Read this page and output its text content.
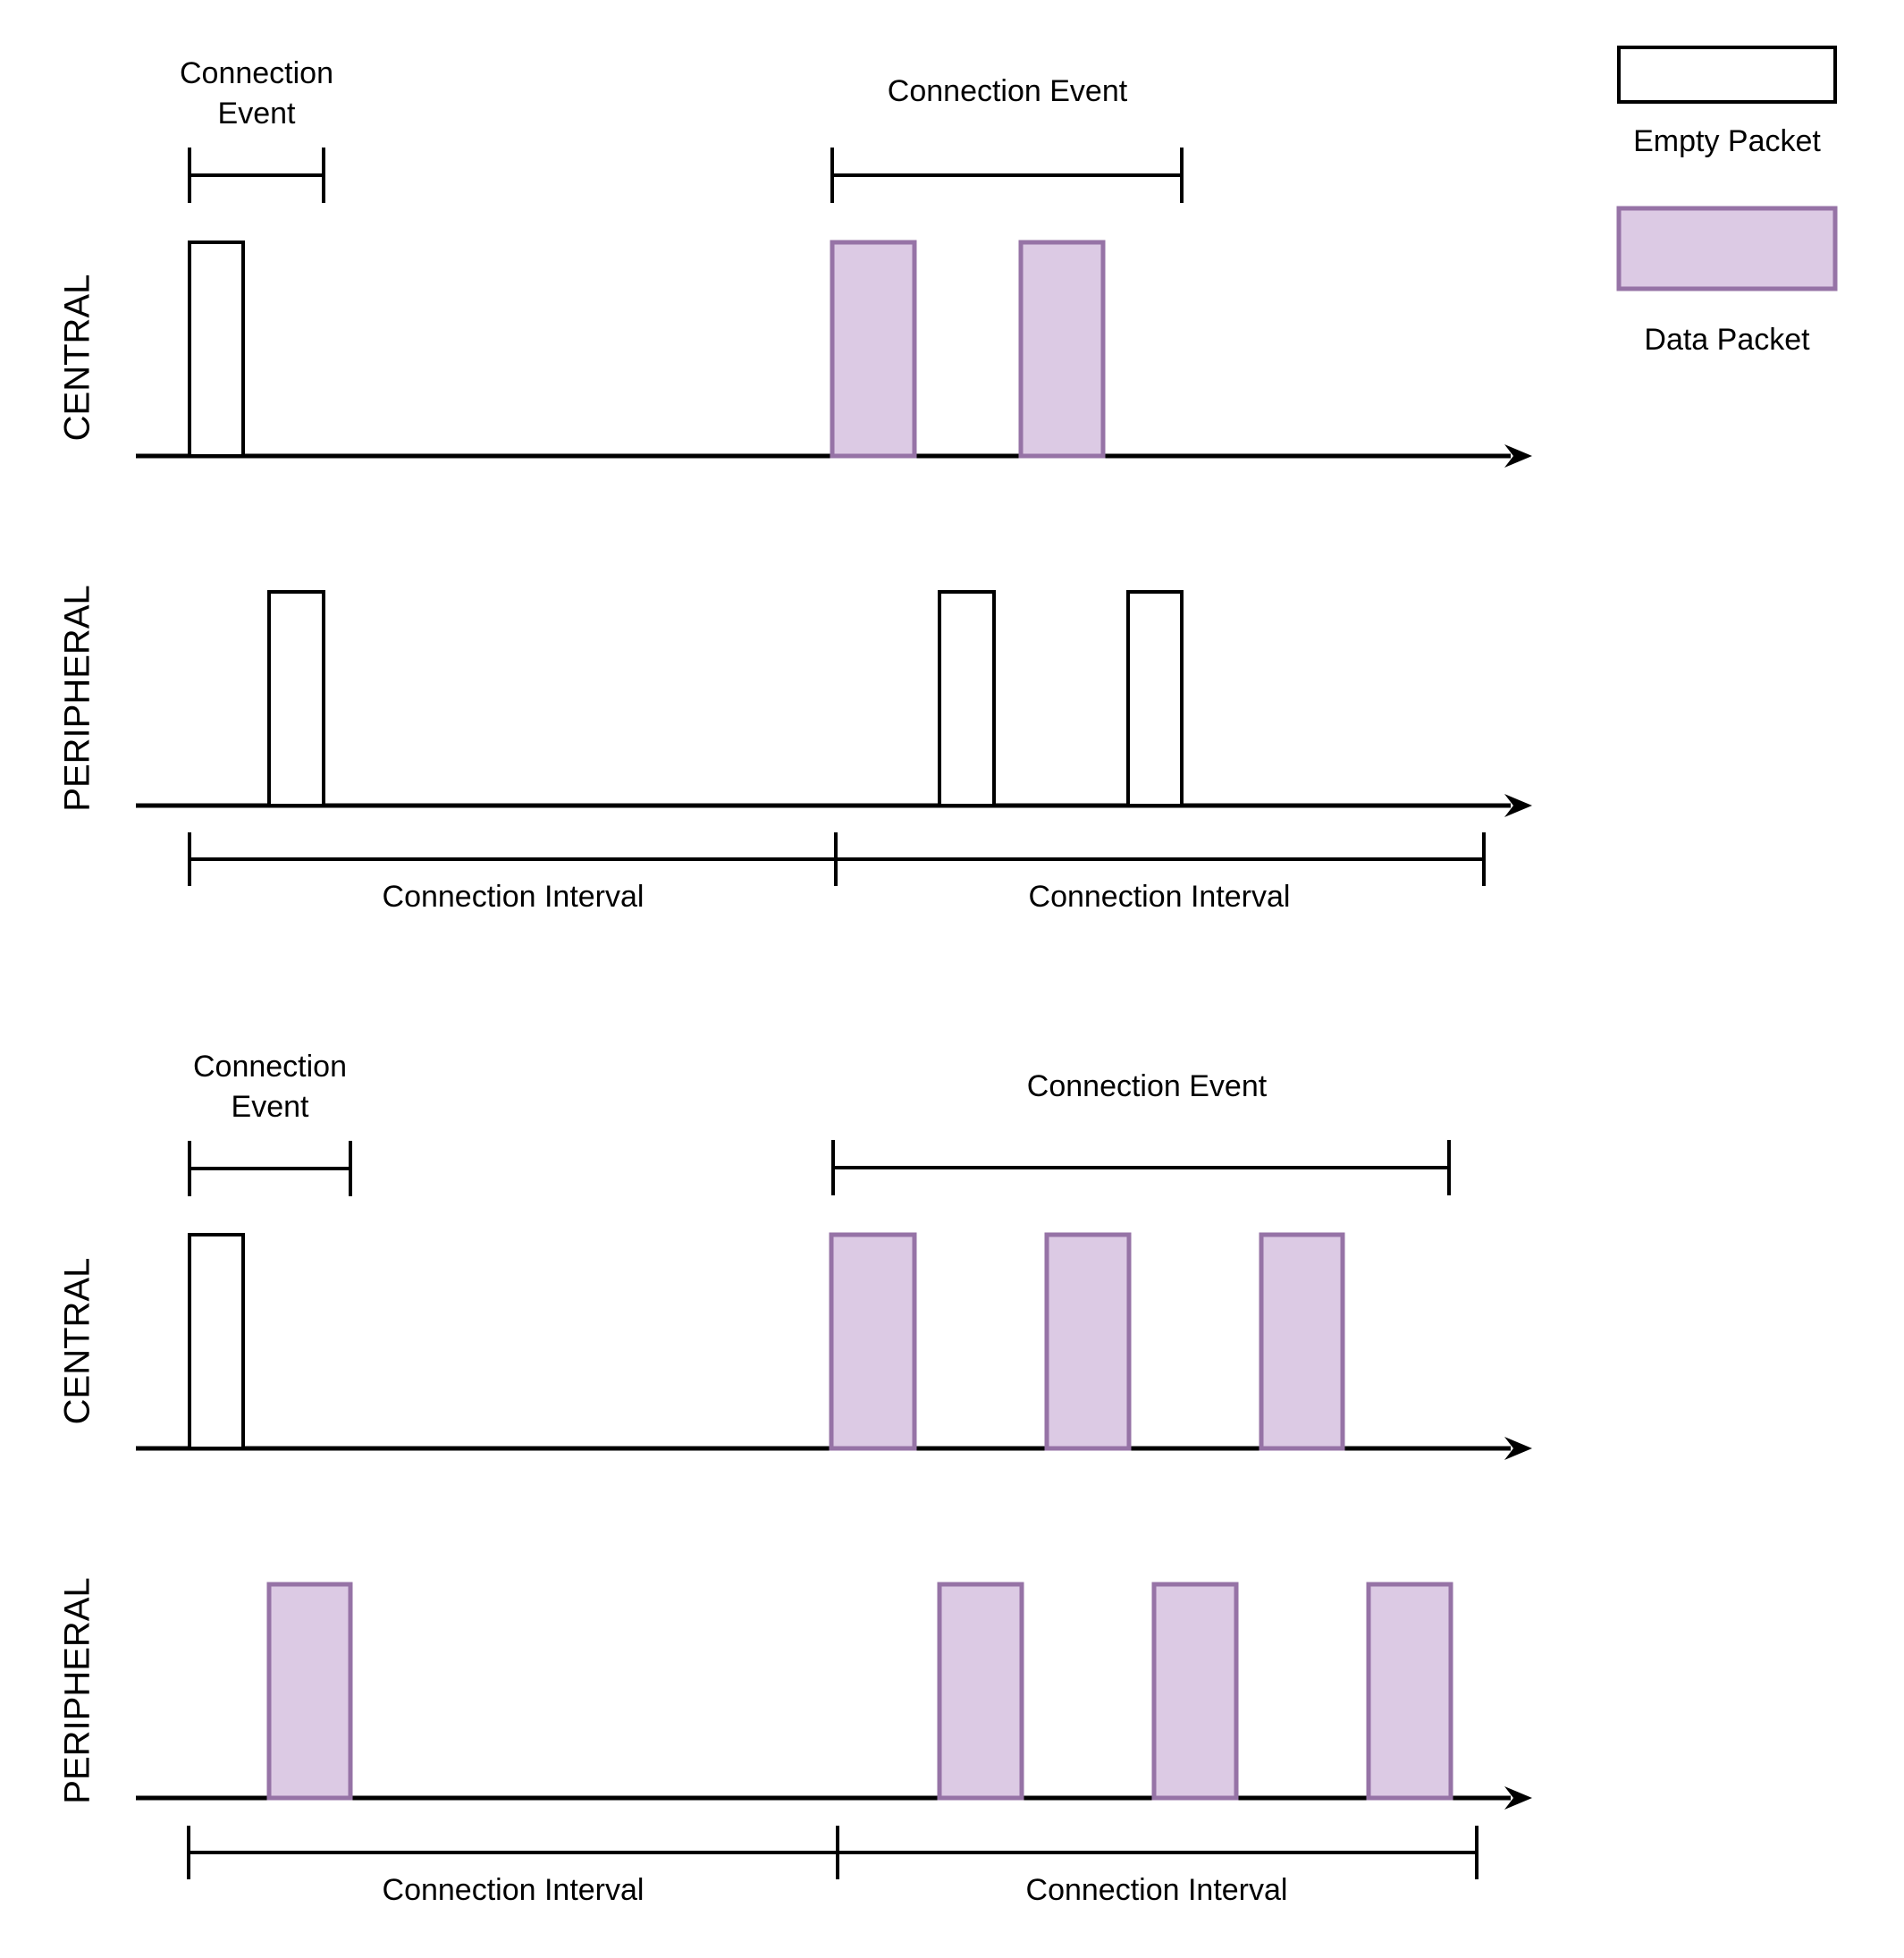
Connection
Event
Connection Event
CENTRAL
PERIPHERAL
Connection Interval	Connection Interval
Connection
Event
Connection Event
CENTRAL
PERIPHERAL
Connection Interval	Connection Interval
Empty Packet
Data Packet
